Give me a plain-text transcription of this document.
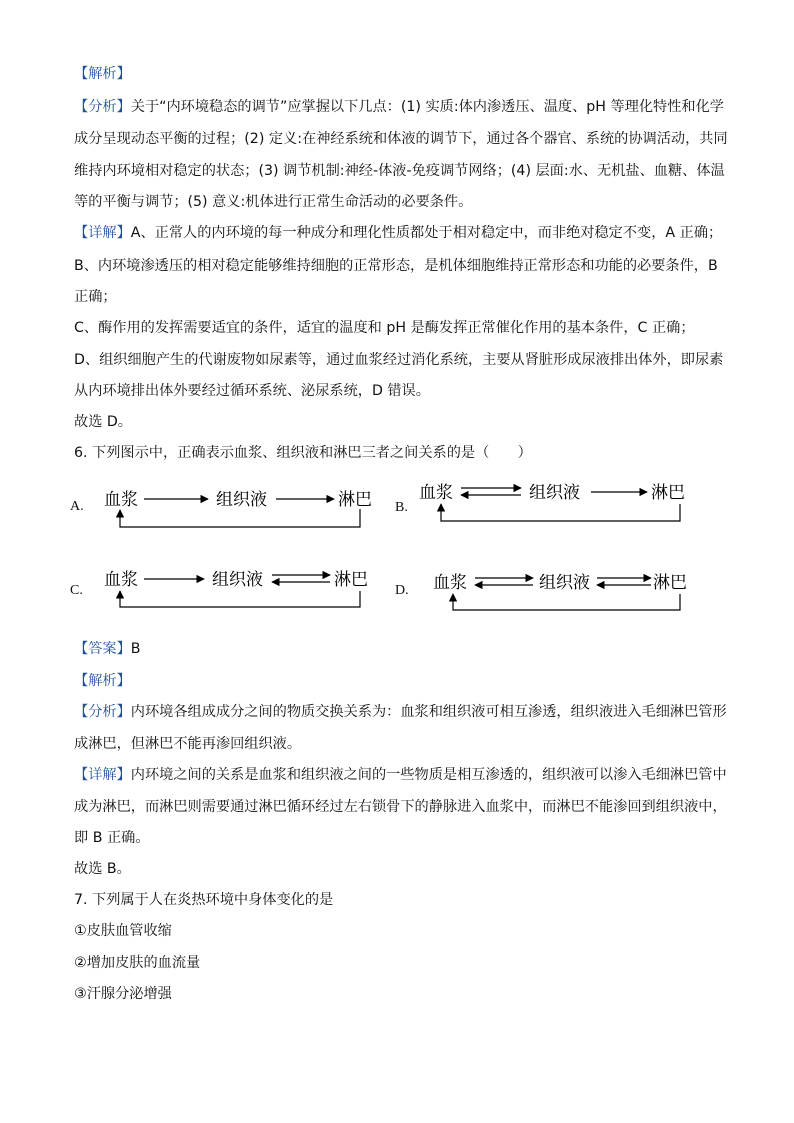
【解析】
【分析】关于“内环境稳态的调节”应掌握以下几点：(1) 实质:体内渗透压、温度、pH 等理化特性和化学
成分呈现动态平衡的过程；(2) 定义:在神经系统和体液的调节下，通过各个器官、系统的协调活动，共同
维持内环境相对稳定的状态；(3) 调节机制:神经-体液-免疫调节网络；(4) 层面:水、无机盐、血糖、体温
等的平衡与调节；(5) 意义:机体进行正常生命活动的必要条件。
【详解】A、正常人的内环境的每一种成分和理化性质都处于相对稳定中，而非绝对稳定不变，A 正确；
B、内环境渗透压的相对稳定能够维持细胞的正常形态，是机体细胞维持正常形态和功能的必要条件，B
正确；
C、酶作用的发挥需要适宜的条件，适宜的温度和 pH 是酶发挥正常催化作用的基本条件，C 正确；
D、组织细胞产生的代谢废物如尿素等，通过血浆经过消化系统，主要从肾脏形成尿液排出体外，即尿素
从内环境排出体外要经过循环系统、泌尿系统，D 错误。
故选 D。
6. 下列图示中，正确表示血浆、组织液和淋巴三者之间关系的是（　　）
A. 血浆	组织液	淋巴 B.
血浆	组织液	淋巴
C.
血浆	组织液	淋巴
D. 血浆	组织液	淋巴
【答案】B
【解析】
【分析】内环境各组成成分之间的物质交换关系为：血浆和组织液可相互渗透，组织液进入毛细淋巴管形
成淋巴，但淋巴不能再渗回组织液。
【详解】内环境之间的关系是血浆和组织液之间的一些物质是相互渗透的，组织液可以渗入毛细淋巴管中
成为淋巴，而淋巴则需要通过淋巴循环经过左右锁骨下的静脉进入血浆中，而淋巴不能渗回到组织液中，
即 B 正确。
故选 B。
7. 下列属于人在炎热环境中身体变化的是
①皮肤血管收缩
②增加皮肤的血流量
③汗腺分泌增强
